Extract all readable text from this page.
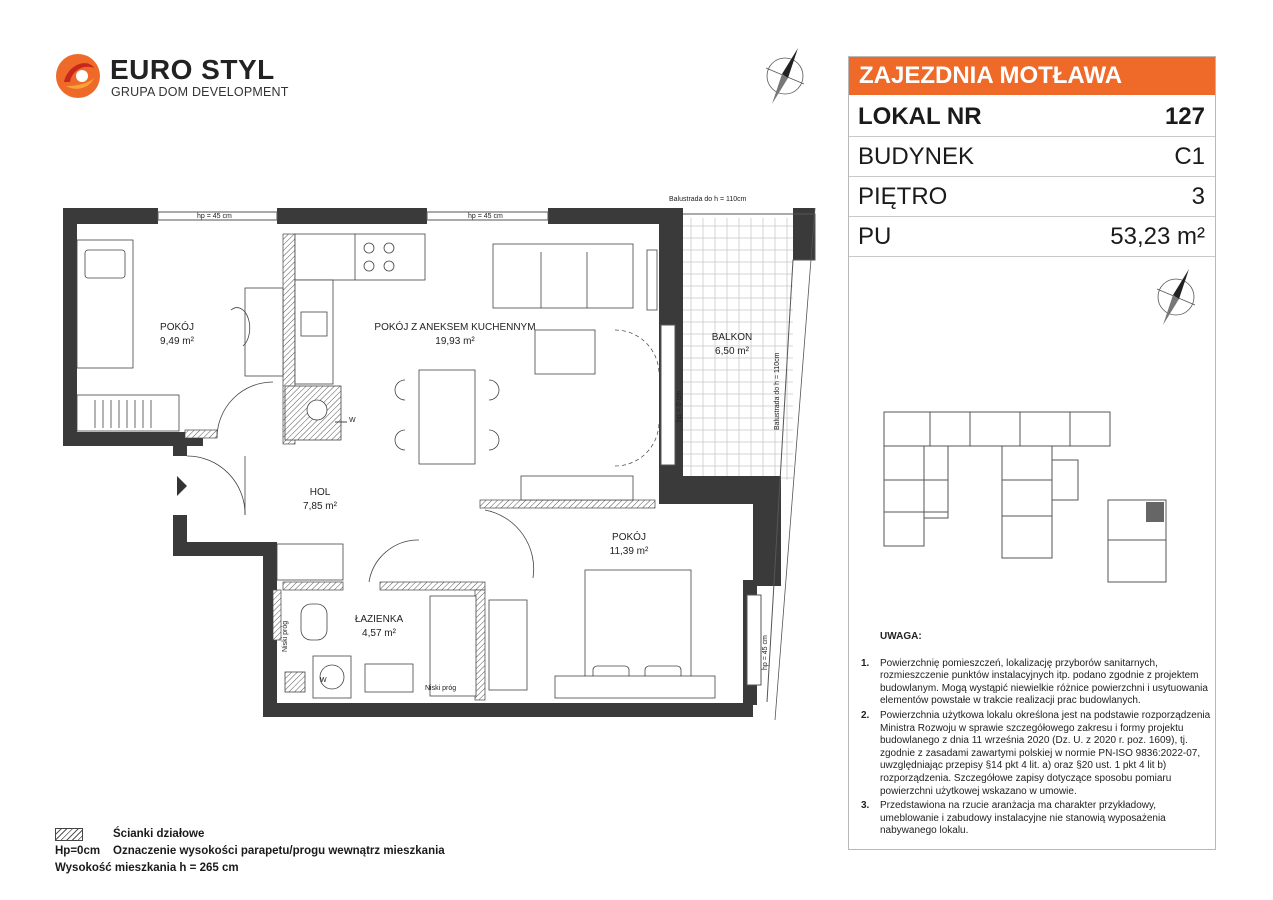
EURO STYL
GRUPA DOM DEVELOPMENT
W
W
POKÓJ
9,49 m²
POKÓJ Z ANEKSEM KUCHENNYM
19,93 m²	BALKON
6,50 m²
HOL
7,85 m²
ŁAZIENKA
4,57 m²
POKÓJ
11,39 m²
Balustrada do h = 110cm
hp = 45 cm	hp = 45 cm
hp = 45 cm
hp = 0 cm	Balustrada do h = 110cm
Niski próg
Niski próg
ZAJEZDNIA MOTŁAWA
LOKAL NR	127
BUDYNEK	C1
PIĘTRO	3
PU	53,23 m²
UWAGA:
1.	Powierzchnię pomieszczeń, lokalizację przyborów sanitarnych, rozmieszczenie punktów instalacyjnych itp. podano zgodnie z projektem budowlanym. Mogą wystąpić niewielkie różnice powierzchni i usytuowania elementów powstałe w trakcie realizacji prac budowlanych.
2.	Powierzchnia użytkowa lokalu określona jest na podstawie rozporządzenia Ministra Rozwoju w sprawie szczegółowego zakresu i formy projektu budowlanego z dnia 11 września 2020 (Dz. U. z 2020 r. poz. 1609), tj. zgodnie z zasadami zawartymi polskiej w normie PN-ISO 9836:2022-07, uwzględniając przepisy §14 pkt 4 lit. a) oraz §20 ust. 1 pkt 4 lit b) rozporządzenia. Szczegółowe zapisy dotyczące sposobu pomiaru powierzchni użytkowej wskazano w umowie.
3.	Przedstawiona na rzucie aranżacja ma charakter przykładowy, umeblowanie i zabudowy instalacyjne nie stanowią wyposażenia nabywanego lokalu.
Ścianki działowe
Hp=0cm	Oznaczenie wysokości parapetu/progu wewnątrz mieszkania
Wysokość mieszkania h = 265 cm
